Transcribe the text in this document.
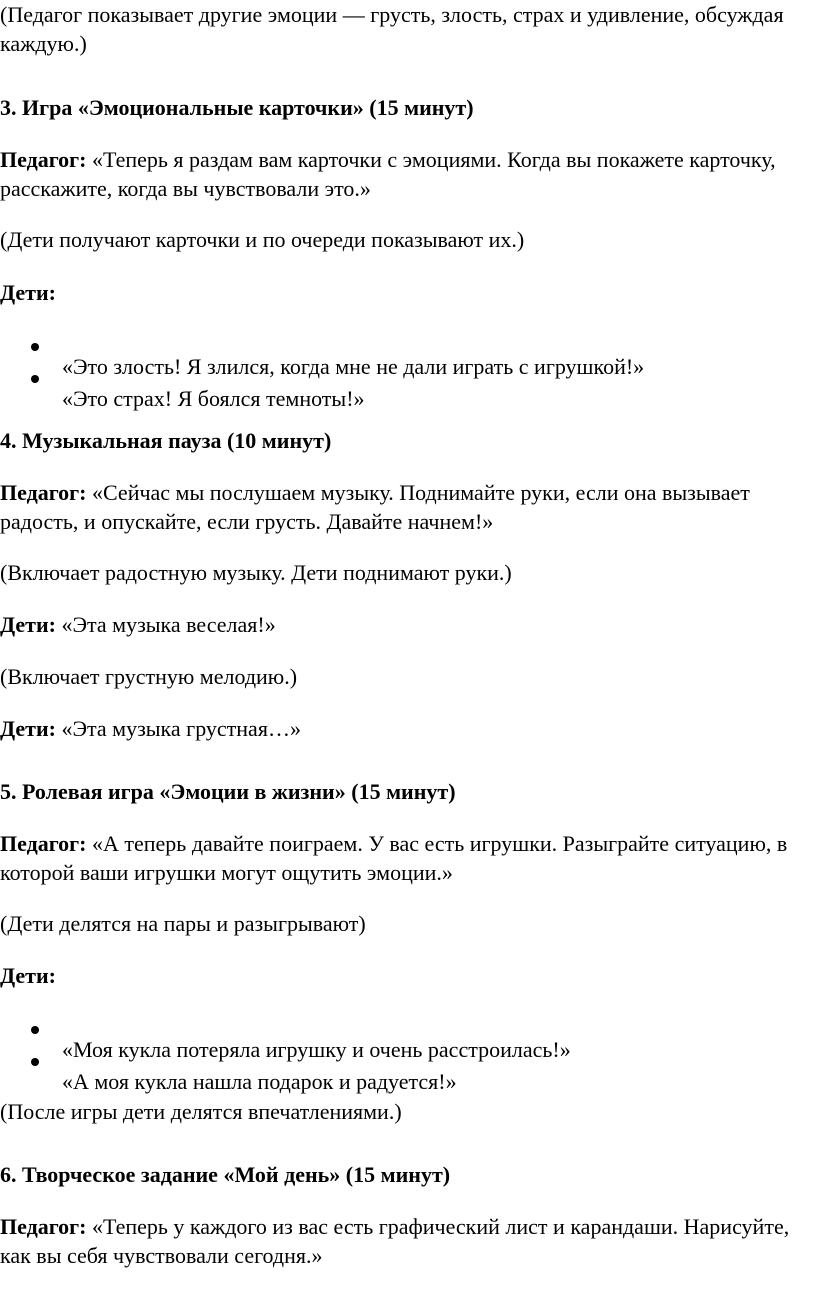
(Педагог показывает другие эмоции — грусть, злость, страх и удивление, обсуждая каждую.)

3. Игра «Эмоциональные карточки» (15 минут)

Педагог: «Теперь я раздам вам карточки с эмоциями. Когда вы покажете карточку, расскажите, когда вы чувствовали это.»

(Дети получают карточки и по очереди показывают их.)

Дети:

«Это злость! Я злился, когда мне не дали играть с игрушкой!»

«Это страх! Я боялся темноты!»

4. Музыкальная пауза (10 минут)

Педагог: «Сейчас мы послушаем музыку. Поднимайте руки, если она вызывает радость, и опускайте, если грусть. Давайте начнем!»

(Включает радостную музыку. Дети поднимают руки.)

Дети: «Эта музыка веселая!»

(Включает грустную мелодию.)

Дети: «Эта музыка грустная…»

5. Ролевая игра «Эмоции в жизни» (15 минут)

Педагог: «А теперь давайте поиграем. У вас есть игрушки. Разыграйте ситуацию, в которой ваши игрушки могут ощутить эмоции.»

(Дети делятся на пары и разыгрывают)

Дети:

«Моя кукла потеряла игрушку и очень расстроилась!»

«А моя кукла нашла подарок и радуется!»

(После игры дети делятся впечатлениями.)

6. Творческое задание «Мой день» (15 минут)

Педагог: «Теперь у каждого из вас есть графический лист и карандаши. Нарисуйте, как вы себя чувствовали сегодня.»
